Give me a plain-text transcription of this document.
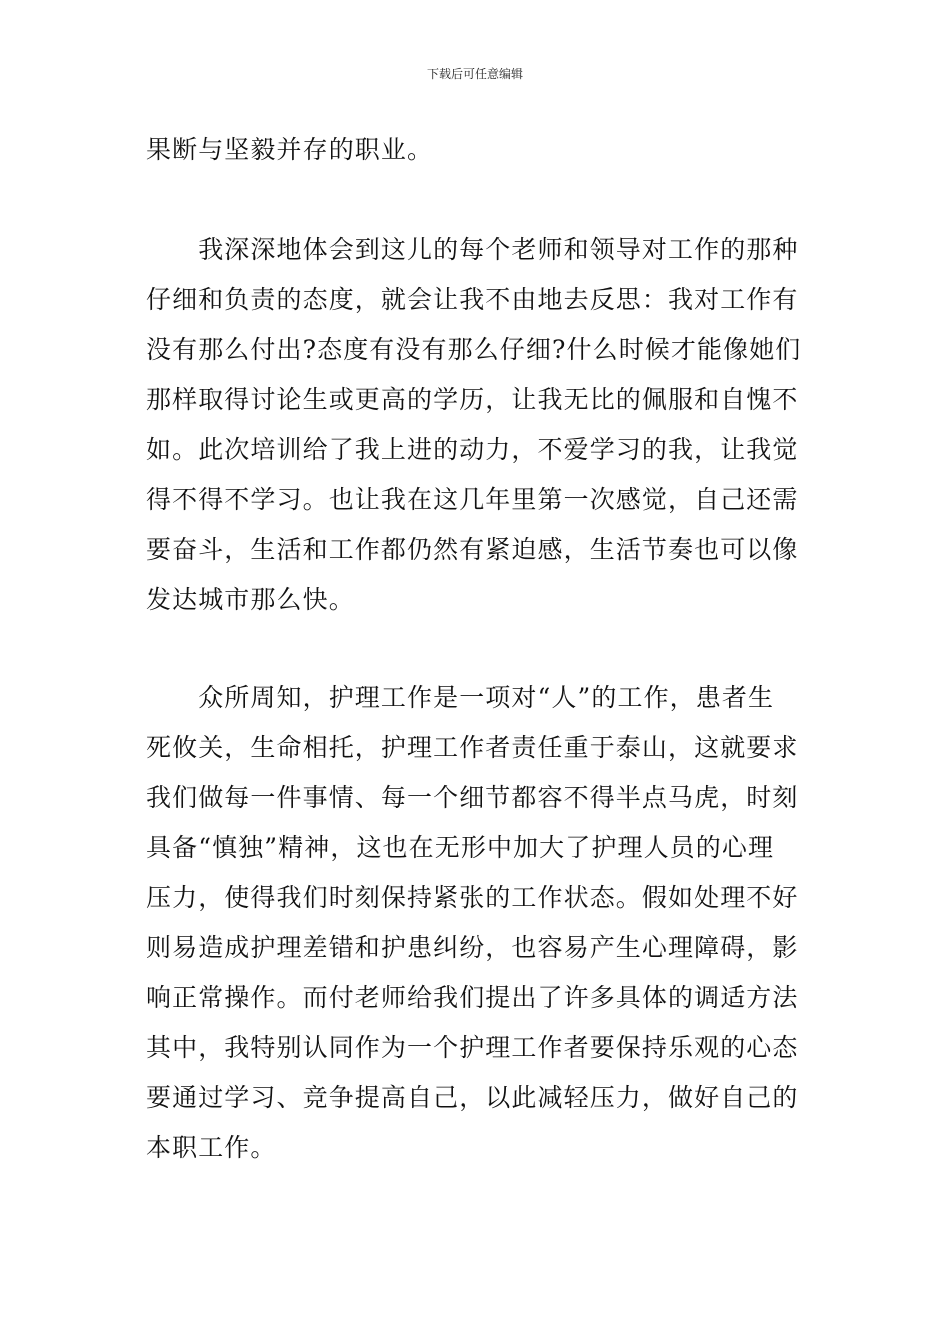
下载后可任意编辑
果断与坚毅并存的职业。
　　我深深地体会到这儿的每个老师和领导对工作的那种
仔细和负责的态度，就会让我不由地去反思：我对工作有
没有那么付出?态度有没有那么仔细?什么时候才能像她们
那样取得讨论生或更高的学历，让我无比的佩服和自愧不
如。此次培训给了我上进的动力，不爱学习的我，让我觉
得不得不学习。也让我在这几年里第一次感觉，自己还需
要奋斗，生活和工作都仍然有紧迫感，生活节奏也可以像
发达城市那么快。
　　众所周知，护理工作是一项对“人”的工作，患者生
死攸关，生命相托，护理工作者责任重于泰山，这就要求
我们做每一件事情、每一个细节都容不得半点马虎，时刻
具备“慎独”精神，这也在无形中加大了护理人员的心理
压力，使得我们时刻保持紧张的工作状态。假如处理不好
则易造成护理差错和护患纠纷，也容易产生心理障碍，影
响正常操作。而付老师给我们提出了许多具体的调适方法
其中，我特别认同作为一个护理工作者要保持乐观的心态
要通过学习、竞争提高自己，以此减轻压力，做好自己的
本职工作。
